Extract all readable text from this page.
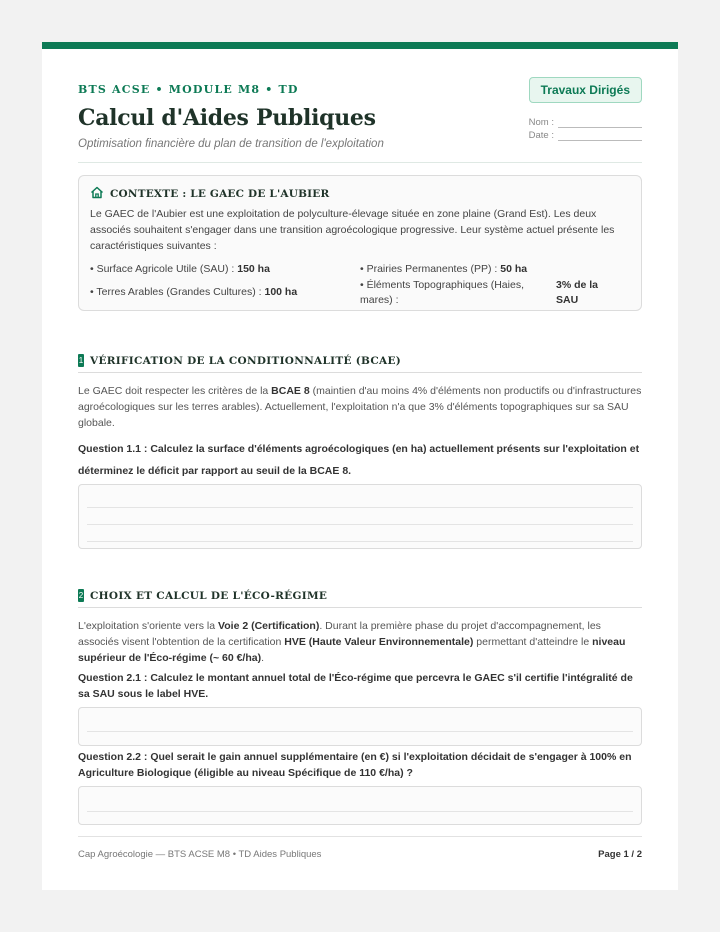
BTS ACSE • MODULE M8 • TD	Travaux Dirigés
Calcul d'Aides Publiques
Optimisation financière du plan de transition de l'exploitation
Nom :
Date :
CONTEXTE : LE GAEC DE L'AUBIER
Le GAEC de l'Aubier est une exploitation de polyculture-élevage située en zone plaine (Grand Est). Les deux associés souhaitent s'engager dans une transition agroécologique progressive. Leur système actuel présente les caractéristiques suivantes :
• Surface Agricole Utile (SAU) : 150 ha
• Terres Arables (Grandes Cultures) : 100 ha
• Prairies Permanentes (PP) : 50 ha
• Éléments Topographiques (Haies, mares) :
3% de la SAU
1 VÉRIFICATION DE LA CONDITIONNALITÉ (BCAE)
Le GAEC doit respecter les critères de la BCAE 8 (maintien d'au moins 4% d'éléments non productifs ou d'infrastructures agroécologiques sur les terres arables). Actuellement, l'exploitation n'a que 3% d'éléments topographiques sur sa SAU globale.
Question 1.1 : Calculez la surface d'éléments agroécologiques (en ha) actuellement présents sur l'exploitation et déterminez le déficit par rapport au seuil de la BCAE 8.
2 CHOIX ET CALCUL DE L'ÉCO-RÉGIME
L'exploitation s'oriente vers la Voie 2 (Certification). Durant la première phase du projet d'accompagnement, les associés visent l'obtention de la certification HVE (Haute Valeur Environnementale) permettant d'atteindre le niveau supérieur de l'Éco-régime (~ 60 €/ha).
Question 2.1 : Calculez le montant annuel total de l'Éco-régime que percevra le GAEC s'il certifie l'intégralité de sa SAU sous le label HVE.
Question 2.2 : Quel serait le gain annuel supplémentaire (en €) si l'exploitation décidait de s'engager à 100% en Agriculture Biologique (éligible au niveau Spécifique de 110 €/ha) ?
Cap Agroécologie — BTS ACSE M8 • TD Aides Publiques	Page 1 / 2
